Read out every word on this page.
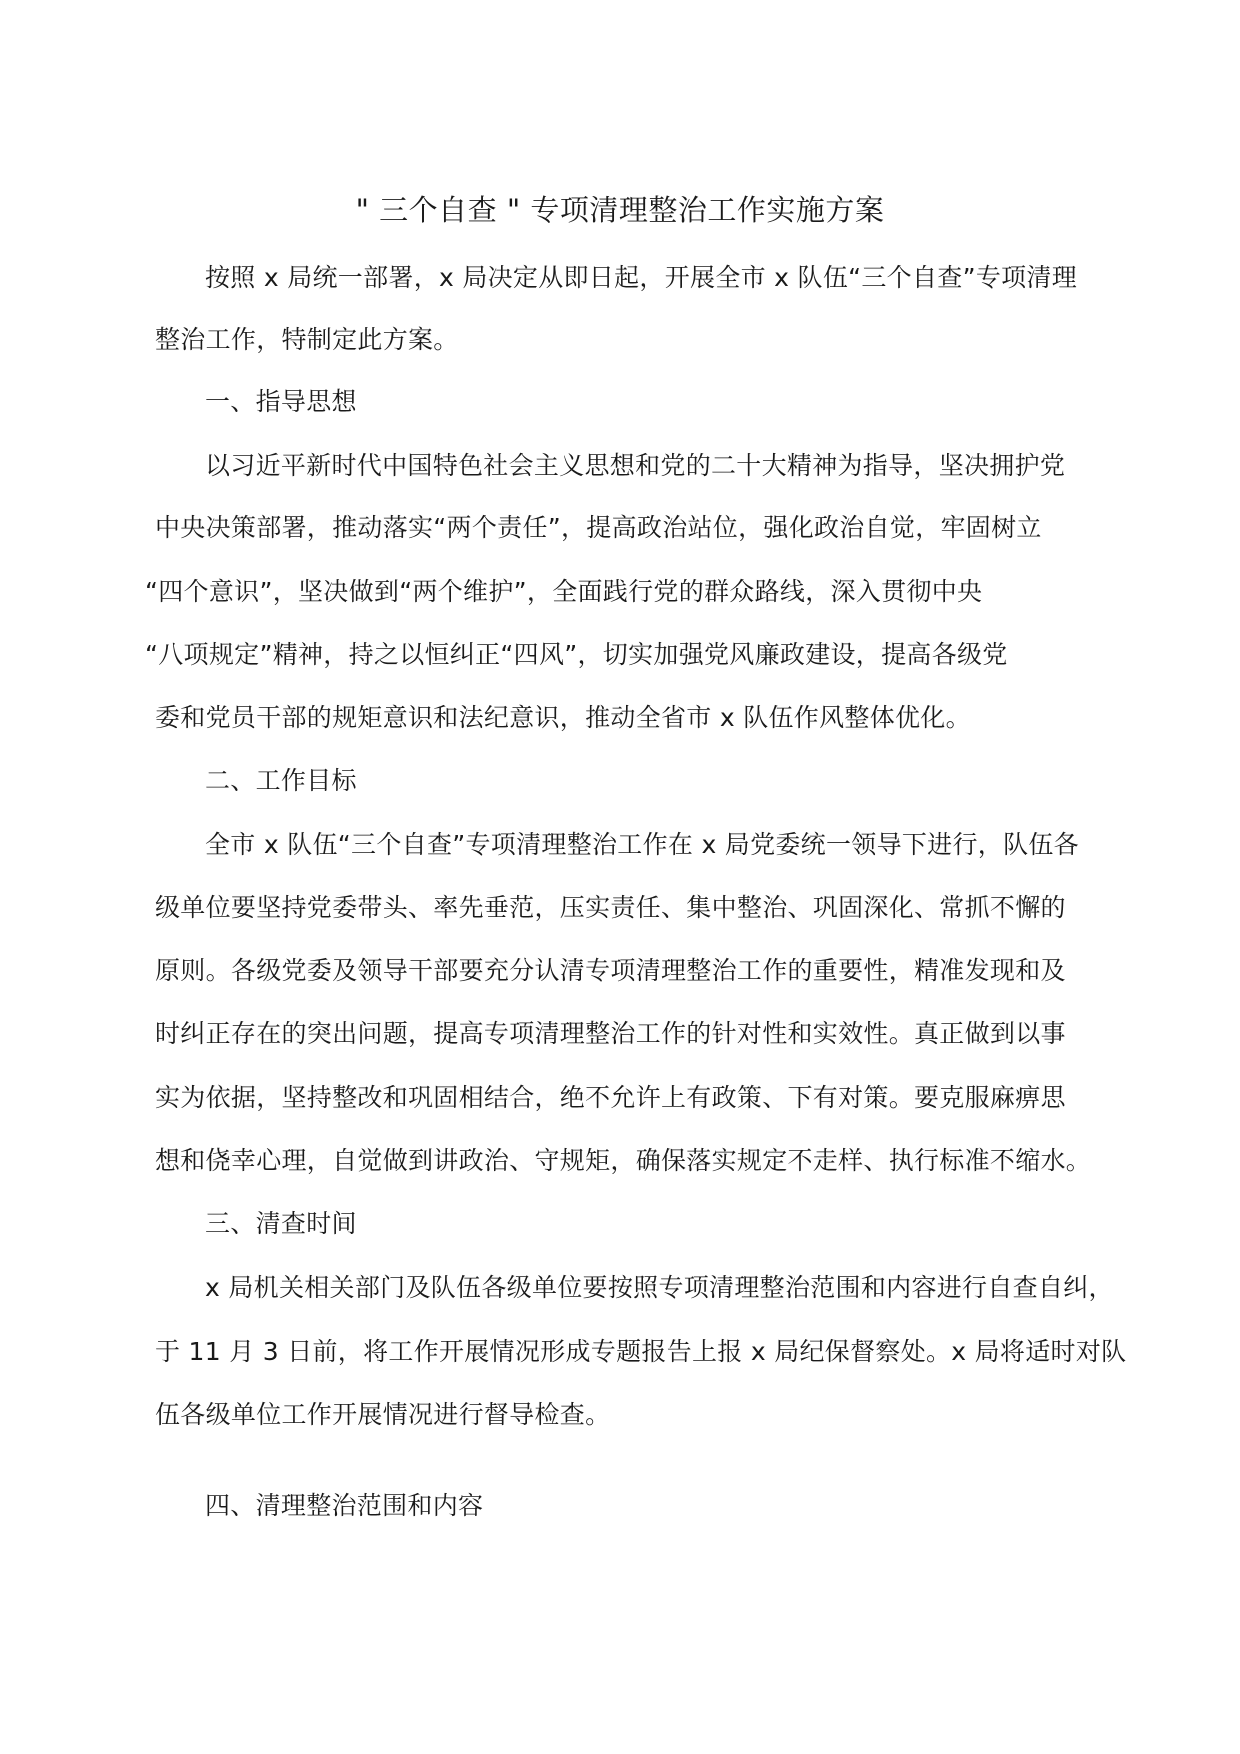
" 三个自查 " 专项清理整治工作实施方案
按照 x 局统一部署，x 局决定从即日起，开展全市 x 队伍“三个自查”专项清理
整治工作，特制定此方案。
一、指导思想
以习近平新时代中国特色社会主义思想和党的二十大精神为指导，坚决拥护党
中央决策部署，推动落实“两个责任”，提高政治站位，强化政治自觉，牢固树立
“四个意识”，坚决做到“两个维护”，全面践行党的群众路线，深入贯彻中央
“八项规定”精神，持之以恒纠正“四风”，切实加强党风廉政建设，提高各级党
委和党员干部的规矩意识和法纪意识，推动全省市 x 队伍作风整体优化。
二、工作目标
全市 x 队伍“三个自查”专项清理整治工作在 x 局党委统一领导下进行，队伍各
级单位要坚持党委带头、率先垂范，压实责任、集中整治、巩固深化、常抓不懈的
原则。各级党委及领导干部要充分认清专项清理整治工作的重要性，精准发现和及
时纠正存在的突出问题，提高专项清理整治工作的针对性和实效性。真正做到以事
实为依据，坚持整改和巩固相结合，绝不允许上有政策、下有对策。要克服麻痹思
想和侥幸心理，自觉做到讲政治、守规矩，确保落实规定不走样、执行标准不缩水。
三、清查时间
x 局机关相关部门及队伍各级单位要按照专项清理整治范围和内容进行自查自纠，
于 11 月 3 日前，将工作开展情况形成专题报告上报 x 局纪保督察处。x 局将适时对队
伍各级单位工作开展情况进行督导检查。
四、清理整治范围和内容
